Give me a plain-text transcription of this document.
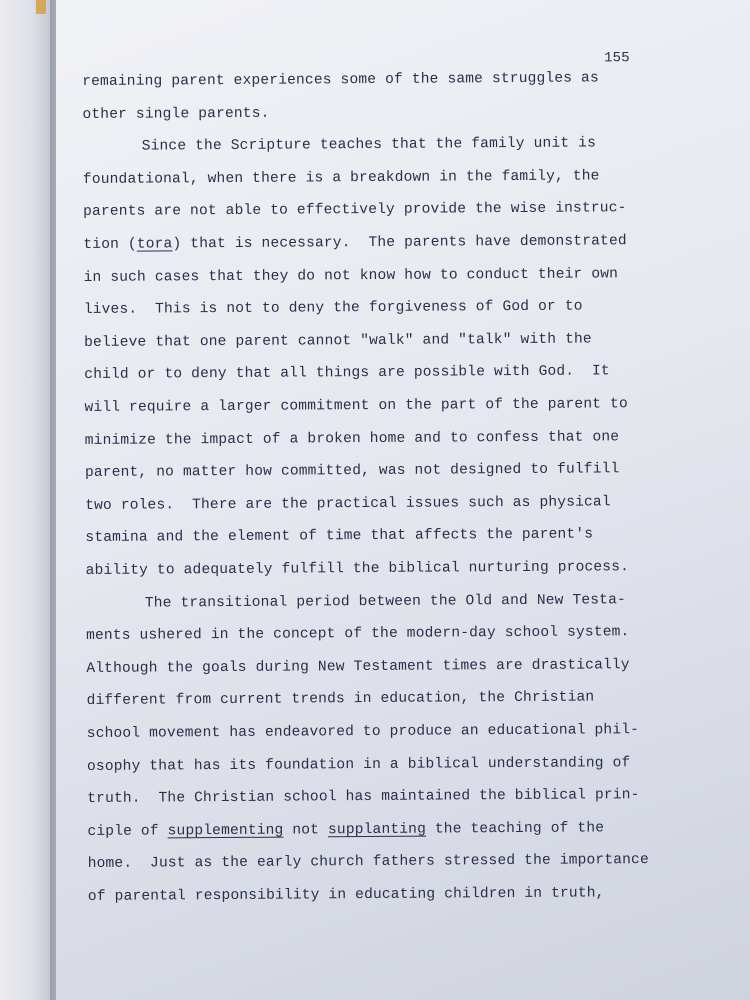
155
remaining parent experiences some of the same struggles as
other single parents.
Since the Scripture teaches that the family unit is
foundational, when there is a breakdown in the family, the
parents are not able to effectively provide the wise instruc-
tion (tora) that is necessary.  The parents have demonstrated
in such cases that they do not know how to conduct their own
lives.  This is not to deny the forgiveness of God or to
believe that one parent cannot "walk" and "talk" with the
child or to deny that all things are possible with God.  It
will require a larger commitment on the part of the parent to
minimize the impact of a broken home and to confess that one
parent, no matter how committed, was not designed to fulfill
two roles.  There are the practical issues such as physical
stamina and the element of time that affects the parent's
ability to adequately fulfill the biblical nurturing process.
The transitional period between the Old and New Testa-
ments ushered in the concept of the modern-day school system.
Although the goals during New Testament times are drastically
different from current trends in education, the Christian
school movement has endeavored to produce an educational phil-
osophy that has its foundation in a biblical understanding of
truth.  The Christian school has maintained the biblical prin-
ciple of supplementing not supplanting the teaching of the
home.  Just as the early church fathers stressed the importance
of parental responsibility in educating children in truth,
